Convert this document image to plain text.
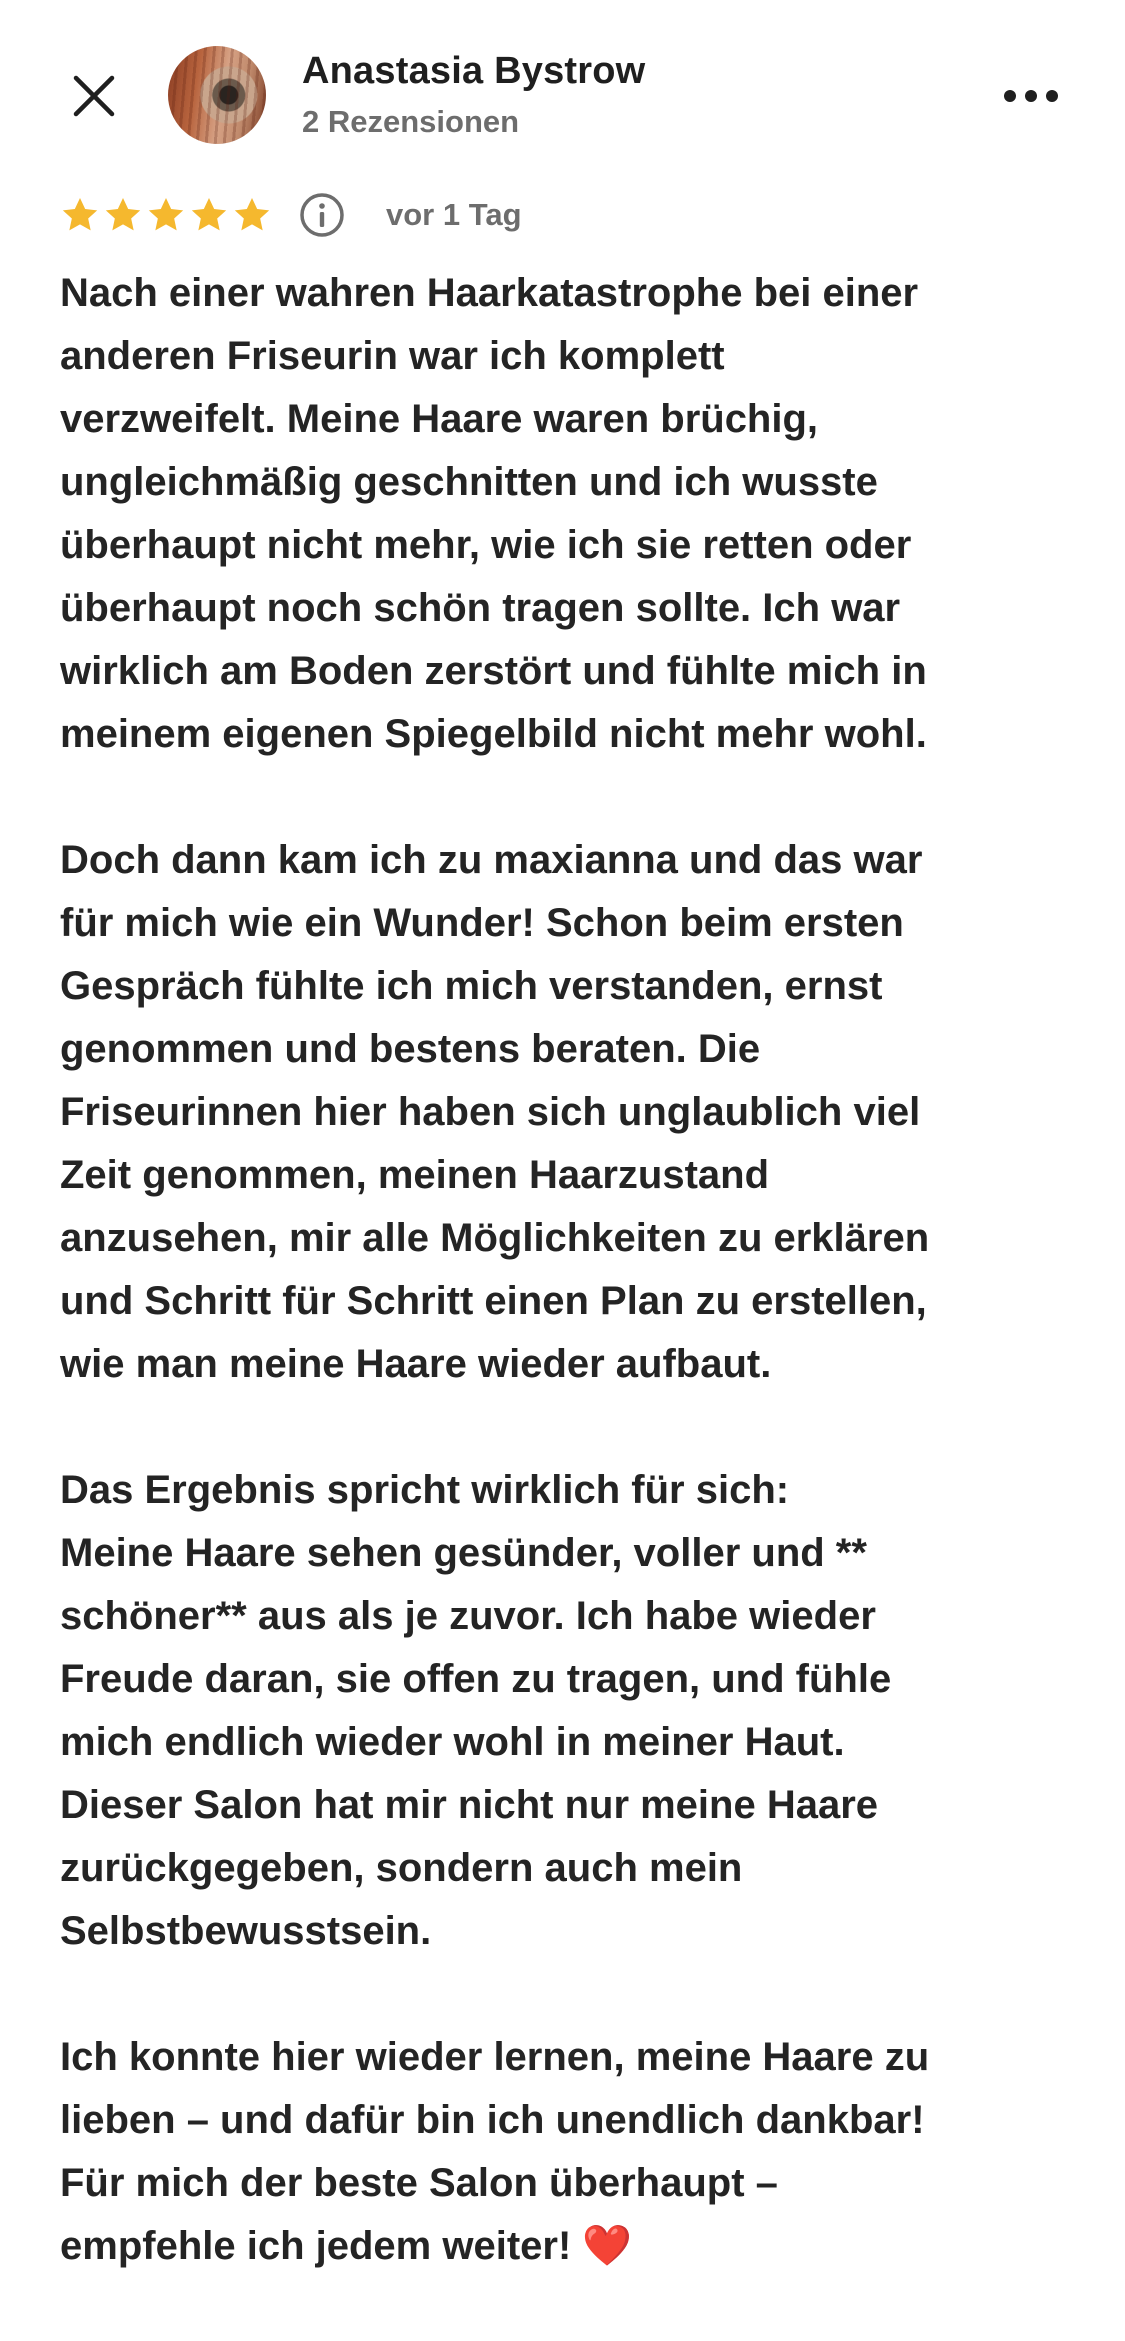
Anastasia Bystrow
2 Rezensionen
vor 1 Tag

Nach einer wahren Haarkatastrophe bei einer
anderen Friseurin war ich komplett
verzweifelt. Meine Haare waren brüchig,
ungleichmäßig geschnitten und ich wusste
überhaupt nicht mehr, wie ich sie retten oder
überhaupt noch schön tragen sollte. Ich war
wirklich am Boden zerstört und fühlte mich in
meinem eigenen Spiegelbild nicht mehr wohl.

Doch dann kam ich zu maxianna und das war
für mich wie ein Wunder! Schon beim ersten
Gespräch fühlte ich mich verstanden, ernst
genommen und bestens beraten. Die
Friseurinnen hier haben sich unglaublich viel
Zeit genommen, meinen Haarzustand
anzusehen, mir alle Möglichkeiten zu erklären
und Schritt für Schritt einen Plan zu erstellen,
wie man meine Haare wieder aufbaut.

Das Ergebnis spricht wirklich für sich:
Meine Haare sehen gesünder, voller und **
schöner** aus als je zuvor. Ich habe wieder
Freude daran, sie offen zu tragen, und fühle
mich endlich wieder wohl in meiner Haut.
Dieser Salon hat mir nicht nur meine Haare
zurückgegeben, sondern auch mein
Selbstbewusstsein.

Ich konnte hier wieder lernen, meine Haare zu
lieben – und dafür bin ich unendlich dankbar!
Für mich der beste Salon überhaupt –
empfehle ich jedem weiter! ❤️
